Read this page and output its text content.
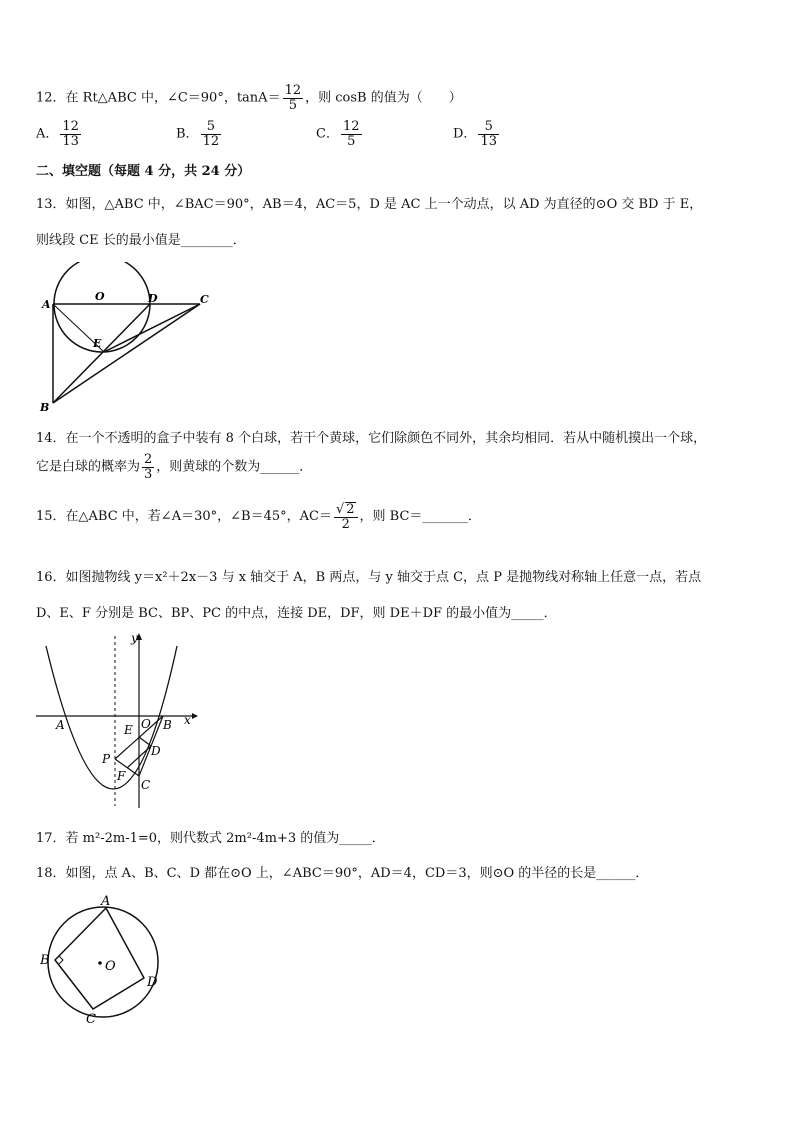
12．在 Rt△ABC 中，∠C＝90°，$\tan A= \frac{12}{5}$ ，则 cosB 的值为（　　）
A． $\frac{12}{13}$	B． $\frac{5}{12}$	C． $\frac{12}{5}$	D． $\frac{5}{13}$
二、填空题（每题 4 分，共 24 分）
13．如图，△ABC 中，∠BAC＝90°，AB＝4，AC＝5，D 是 AC 上一个动点，以 AD 为直径的⊙O 交 BD 于 E，
则线段 CE 长的最小值是________．
A
O	D	C
E
B
14．在一个不透明的盒子中装有 8 个白球，若干个黄球，它们除颜色不同外，其余均相同．若从中随机摸出一个球，
它是白球的概率为 $\frac{2}{3}$ ，则黄球的个数为______．
15．在△ABC 中，若∠A＝30°，∠B＝45°，$AC= \frac{√ 2}{2}$ ，则 BC＝_______．
16．如图抛物线 y＝x²＋2x－3 与 x 轴交于 A，B 两点，与 y 轴交于点 C，点 P 是抛物线对称轴上任意一点，若点
D、E、F 分别是 BC、BP、PC 的中点，连接 DE，DF，则 DE＋DF 的最小值为_____．
y
x
A	E O B
P
D
F
C
17．若 m²-2m-1=0，则代数式 2m²-4m+3 的值为_____．
18．如图，点 A、B、C、D 都在⊙O 上，∠ABC＝90°，AD＝4，CD＝3，则⊙O 的半径的长是______．
A
B	O
D
C
